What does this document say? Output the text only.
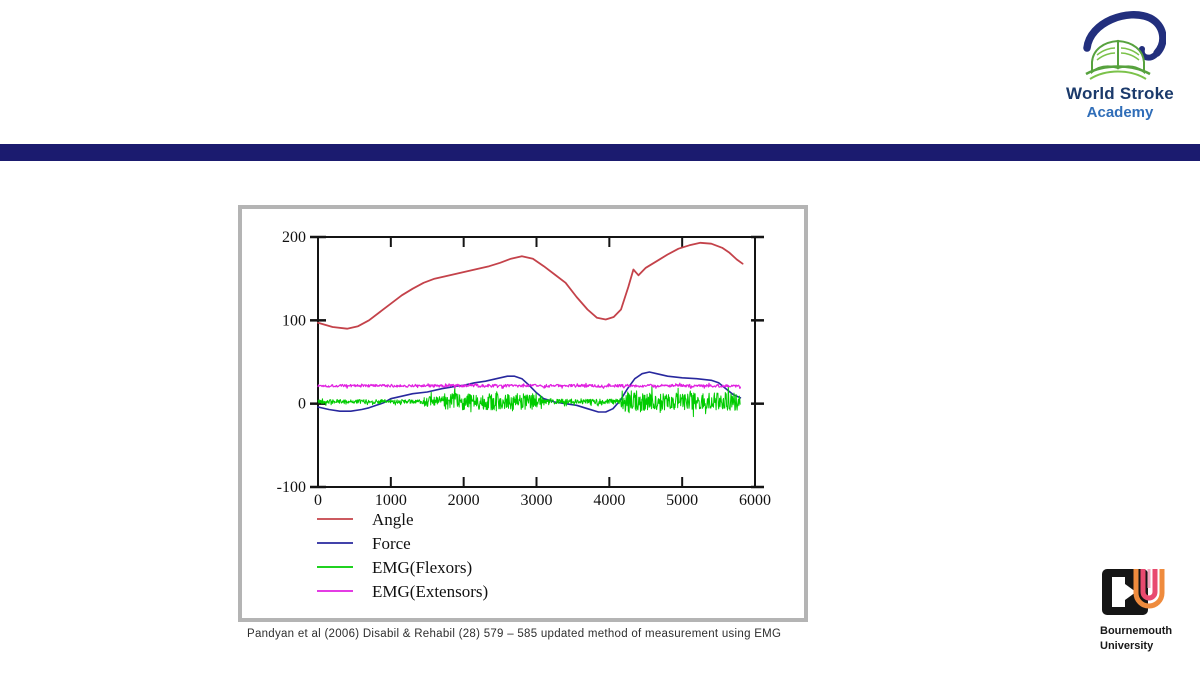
World Stroke
Academy
0	1000	2000	3000	4000	5000	6000
-100
0
100
200
Angle
Force
EMG(Flexors)
EMG(Extensors)
Pandyan et al (2006) Disabil & Rehabil (28) 579 – 585 updated method of measurement using EMG	Bournemouth
University
